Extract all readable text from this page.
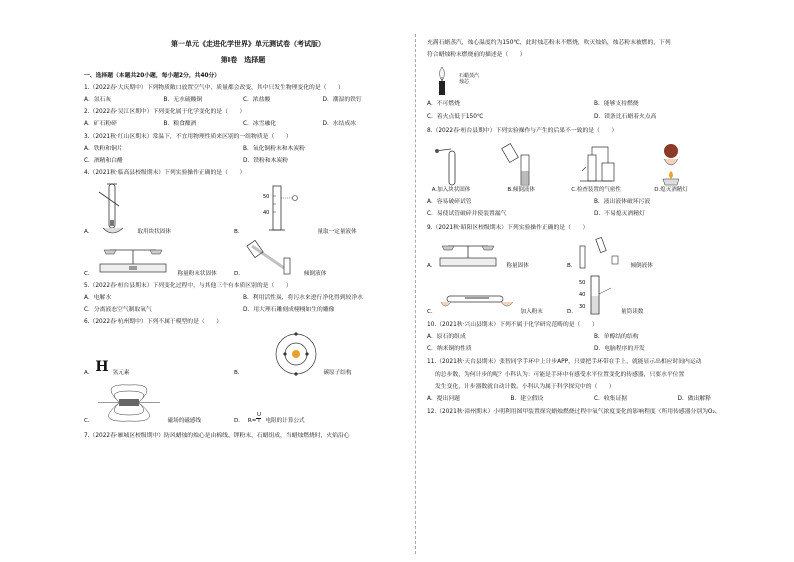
第一单元《走进化学世界》单元测试卷（考试版）
第Ⅰ卷　选择题
一、选择题（本题共20小题，每小题2分，共40分）
1.（2022春·大庆期中）下列物质敞口放置空气中，质量都会改变，其中只发生物理变化的是（　　）
A．氢石灰	B．无水硫酸铜	C．浓盐酸	D．潮湿的铁钉
2.（2022春·吴江区期中）下列变化属于化学变化的是（　　）
A．矿石粉碎	B．粮食酿酒	C．冰雪融化	D．水结成冰
3.（2021秋·红山区期末）常温下，不宜用物理性质来区别的一组物质是（　　）
A．铁粉和铜片	B．氧化铜粉末和木炭粉
C．酒精和白醋	D．铁粉和木炭粉
4.（2021秋·临高县校级期末）下列实验操作正确的是（　　）
A．	取用块状固体	B．
50
40
量取一定量液体
C．	称量粉末状固体	D．	倾倒液体
5.（2022春·桓台县期末）下列变化过程中，与其他三个有本质区别的是（　　）
A．电解水	B．利用活性炭，将污水来进行净化得到较净水
C．分离液态空气制取氧气	D．用大理石雕刻成栩栩如生的雕像
6.（2022春·杭州期中）下列不属于模型的是（　　）
A． H 氢元素	B．	碳原子结构
C．	磁场的磁感线	D． R=
U
I 电阻的计算公式
7.（2022春·雁城区校级期中）防风蜡烛的烛心是由棉线、钾粉末、石蜡组成，当蜡烛燃烧时，火焰沿心
充满石蜡蒸汽，烛心温度约为150℃，此时烛芯粉末不燃烧，吹灭烛焰，烛芯粉末被燃的，下列
符合蜡烛粉末燃烧前的描述是（　　）
石蜡蒸汽
烛芯
A．不可燃烧	B．能够支持燃烧
C．着火点低于150℃	D．镁条比石蜡着火点高
8.（2022春·桓台县期中）下列实验操作与产生的后果不一致的是（　　）
A.加入块状固体	B.倾倒液体	C.检查装置的气密性	D.熄灭酒精灯
A．容易破碎试管	B．液出液体破坏污液
C．易使试管破碎并使装置漏气	D．不易熄灭酒精灯
9.（2021秋·昭阳区校级期末）下列实验操作正确的是（　　）
A．	称量固体	B．	倾倒液体
C．	加入粉末	D．
50
40
30
量筒读数
10.（2021秋·兴山县期末）下列不属于化学研究范畴的是（　　）
A．原石的组成	B．单醇结的结构
C．纳米铜的性质	D．电脑程序的开发
11.（2021秋·天台县期末）张智同学手环中上计步APP，只要把手环带在手上，就能显示出相应时间内运动
的总步数，为何计步的呢？小科认为：可能是手环中有感受水平位置变化的传感器，只要水平位置
发生变化，计步器数就自动计数。小科认为属于科学探究中的（　　）
A．提出问题	B．建立假设	C．收集证据	D．做出解释
12.（2021秋·漳州期末）小明利用图甲装置探究蜡烛燃烧过程中氧气浓度变化的影响程度（所用传感器分别为O₂、
